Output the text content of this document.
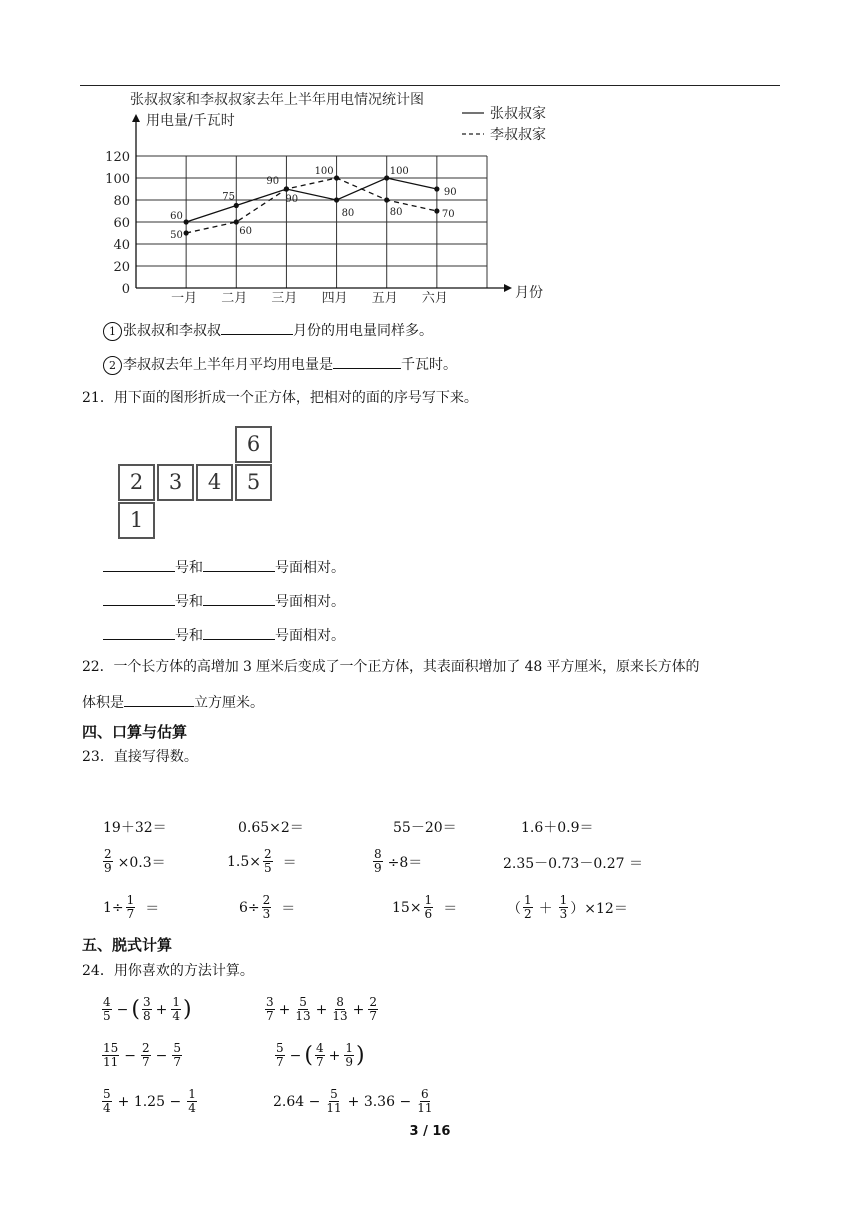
张叔叔家和李叔叔家去年上半年用电情况统计图
用电量/千瓦时
月份
张叔叔家
李叔叔家
0
20
40
60
80
100
120
一月 二月 三月 四月 五月 六月
60
75
90
80
100
90
50	60
90
100
80	70
1 张叔叔和李叔叔	月份的用电量同样多。
2 李叔叔去年上半年月平均用电量是	千瓦时。
21．用下面的图形折成一个正方体，把相对的面的序号写下来。
6
2	3	4	5
1
号和	号面相对。
号和	号面相对。
号和	号面相对。
22．一个长方体的高增加 3 厘米后变成了一个正方体，其表面积增加了 48 平方厘米，原来长方体的
体积是	立方厘米。
四、口算与估算
23．直接写得数。
19＋32＝	0.65×2＝	55－20＝	1.6＋0.9＝
$\frac{2}{9} \times 0.3=$	$1.5\times \frac{2}{5}$ ＝	$\frac{8}{9} \div 8=$	2.35－0.73－0.27 ＝
$1\div \frac{1}{7}$ ＝	$6\div \frac{2}{3}$ ＝	$15\times \frac{1}{6}$ ＝	（ $\frac{1}{2} + \frac{1}{3} )\times 12=$
五、脱式计算
24．用你喜欢的方法计算。
$\frac{4}{5}$ − ( $\frac{3}{8} + \frac{1}{4}$ )	$\frac{3}{7} + \frac{5}{13} + \frac{8}{13} + \frac{2}{7}$
$\frac{15}{11} - \frac{2}{7} - \frac{5}{7}$	$\frac{5}{7}$ − ( $\frac{4}{7} + \frac{1}{9}$ )
$\frac{5}{4} + 1.25 - \frac{1}{4}$	$2.64 - \frac{5}{11} + 3.36 - \frac{6}{11}$
3 / 16
